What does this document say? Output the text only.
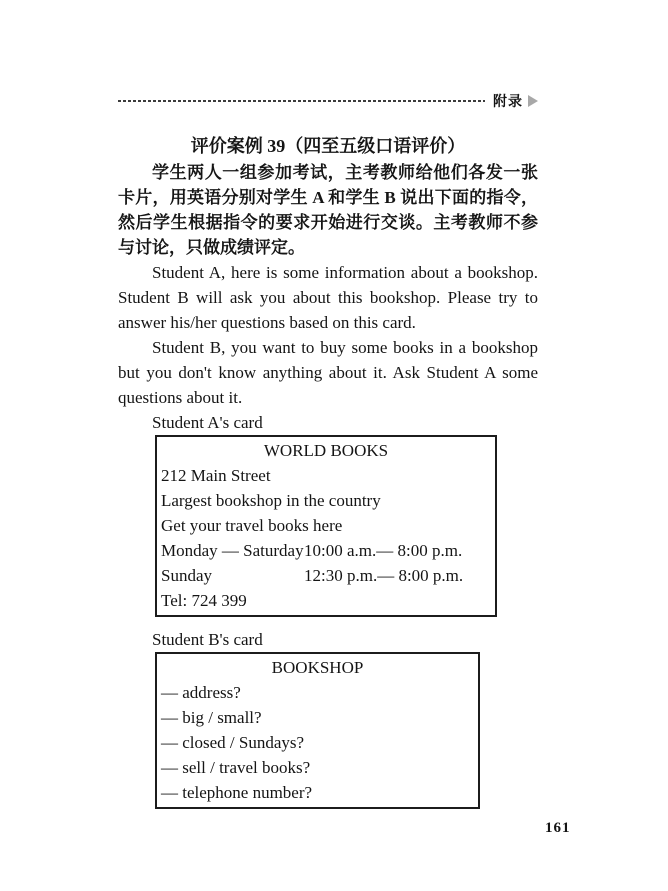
附录
评价案例 39（四至五级口语评价）
学生两人一组参加考试，主考教师给他们各发一张卡片，用英语分别对学生 A 和学生 B 说出下面的指令，然后学生根据指令的要求开始进行交谈。主考教师不参与讨论，只做成绩评定。
Student A, here is some information about a bookshop. Student B will ask you about this bookshop. Please try to answer his/her questions based on this card.
Student B, you want to buy some books in a bookshop but you don't know anything about it. Ask Student A some questions about it.
Student A's card
WORLD BOOKS
212 Main Street
Largest bookshop in the country
Get your travel books here
Monday — Saturday10:00 a.m.— 8:00 p.m.
Sunday	12:30 p.m.— 8:00 p.m.
Tel: 724 399
Student B's card
BOOKSHOP
— address?
— big / small?
— closed / Sundays?
— sell / travel books?
— telephone number?
161
